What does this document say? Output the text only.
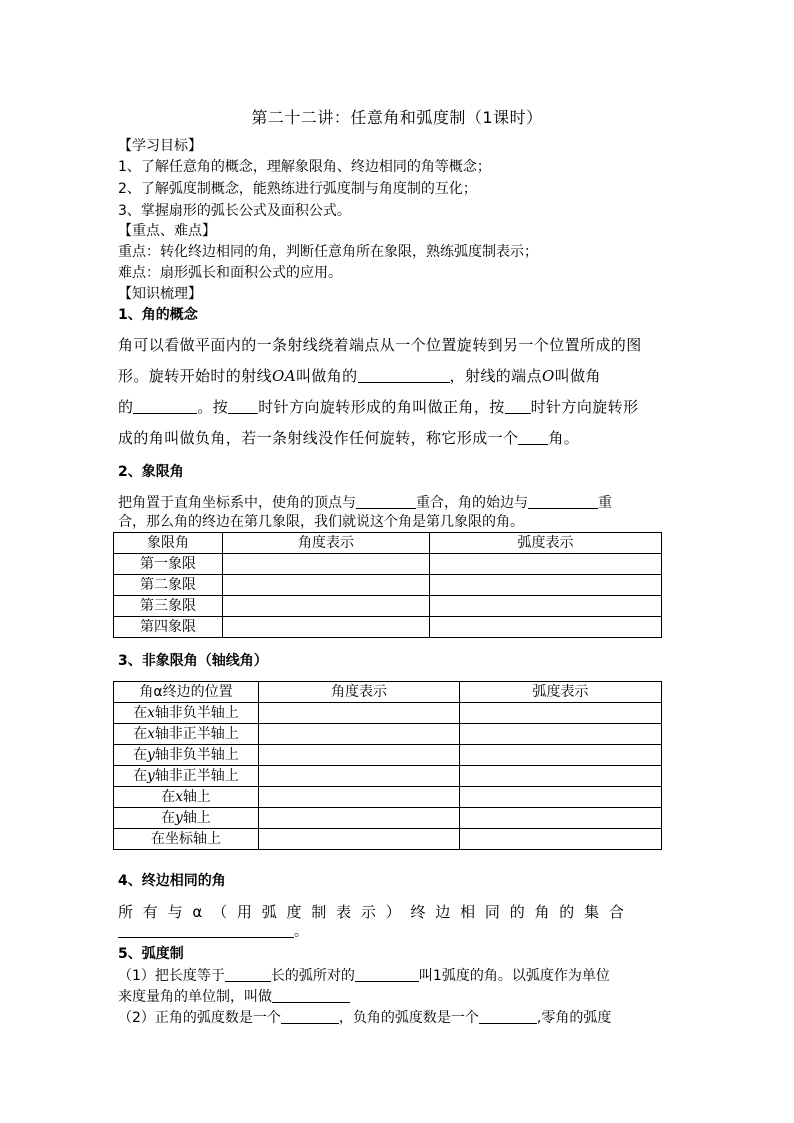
第二十二讲：任意角和弧度制（1课时）
【学习目标】
1、了解任意角的概念，理解象限角、终边相同的角等概念；
2、了解弧度制概念，能熟练进行弧度制与角度制的互化；
3、掌握扇形的弧长公式及面积公式。
【重点、难点】
重点：转化终边相同的角，判断任意角所在象限，熟练弧度制表示；
难点：扇形弧长和面积公式的应用。
【知识梳理】
1、角的概念
角可以看做平面内的一条射线绕着端点从一个位置旋转到另一个位置所成的图
形。旋转开始时的射线OA叫做角的	，射线的端点O叫做角
的	。按 时针方向旋转形成的角叫做正角，按 时针方向旋转形
成的角叫做负角，若一条射线没作任何旋转，称它形成一个 角。
2、象限角
把角置于直角坐标系中，使角的顶点与	重合，角的始边与	重
合，那么角的终边在第几象限，我们就说这个角是第几象限的角。
象限角	角度表示	弧度表示
第一象限		
第二象限		
第三象限		
第四象限		
3、非象限角（轴线角）
角α终边的位置	角度表示	弧度表示
在x轴非负半轴上		
在x轴非正半轴上		
在y轴非负半轴上		
在y轴非正半轴上		
在x轴上		
在y轴上		
在坐标轴上		
4、终边相同的角
所有与α（用弧度制表示）终边相同的角的集合
。
5、弧度制
（1）把长度等于	长的弧所对的	叫1弧度的角。以弧度作为单位
来度量角的单位制，叫做
（2）正角的弧度数是一个	，负角的弧度数是一个	,零角的弧度
